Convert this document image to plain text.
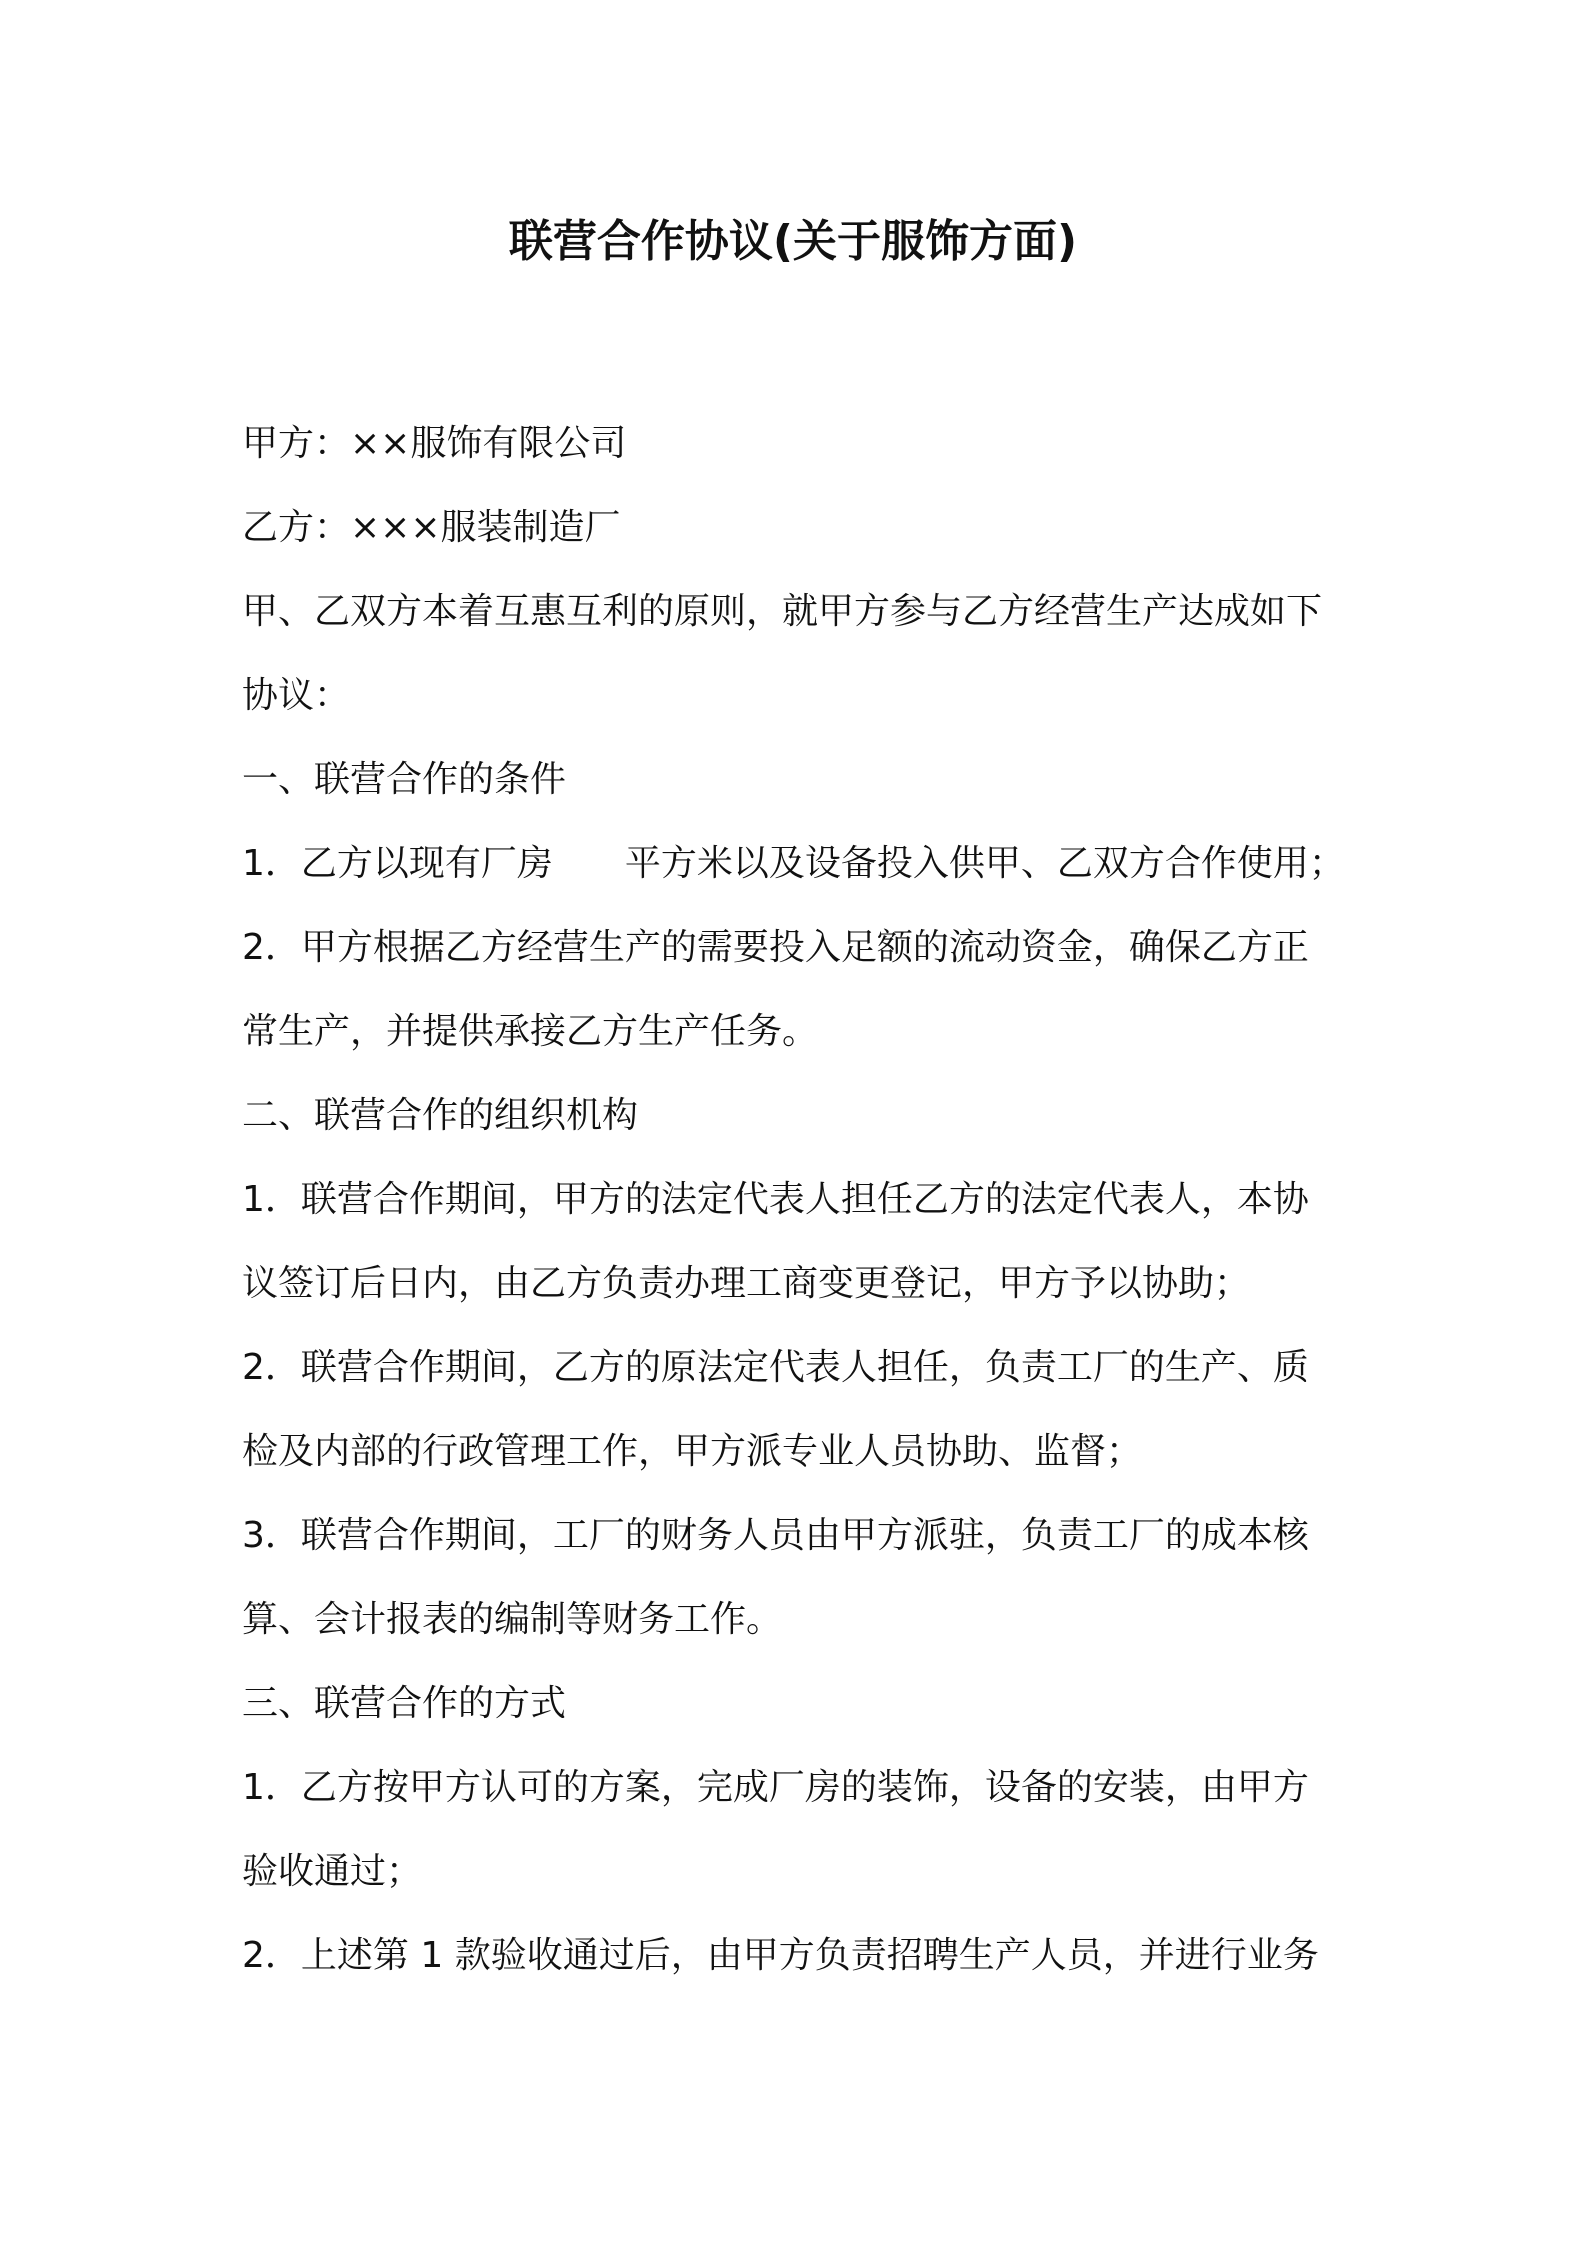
联营合作协议(关于服饰方面)

甲方：××服饰有限公司

乙方：×××服装制造厂

甲、乙双方本着互惠互利的原则，就甲方参与乙方经营生产达成如下

协议：

一、联营合作的条件

1．乙方以现有厂房　　平方米以及设备投入供甲、乙双方合作使用；

2．甲方根据乙方经营生产的需要投入足额的流动资金，确保乙方正

常生产，并提供承接乙方生产任务。

二、联营合作的组织机构

1．联营合作期间，甲方的法定代表人担任乙方的法定代表人，本协

议签订后日内，由乙方负责办理工商变更登记，甲方予以协助；

2．联营合作期间，乙方的原法定代表人担任，负责工厂的生产、质

检及内部的行政管理工作，甲方派专业人员协助、监督；

3．联营合作期间，工厂的财务人员由甲方派驻，负责工厂的成本核

算、会计报表的编制等财务工作。

三、联营合作的方式

1．乙方按甲方认可的方案，完成厂房的装饰，设备的安装，由甲方

验收通过；

2．上述第 1 款验收通过后，由甲方负责招聘生产人员，并进行业务
